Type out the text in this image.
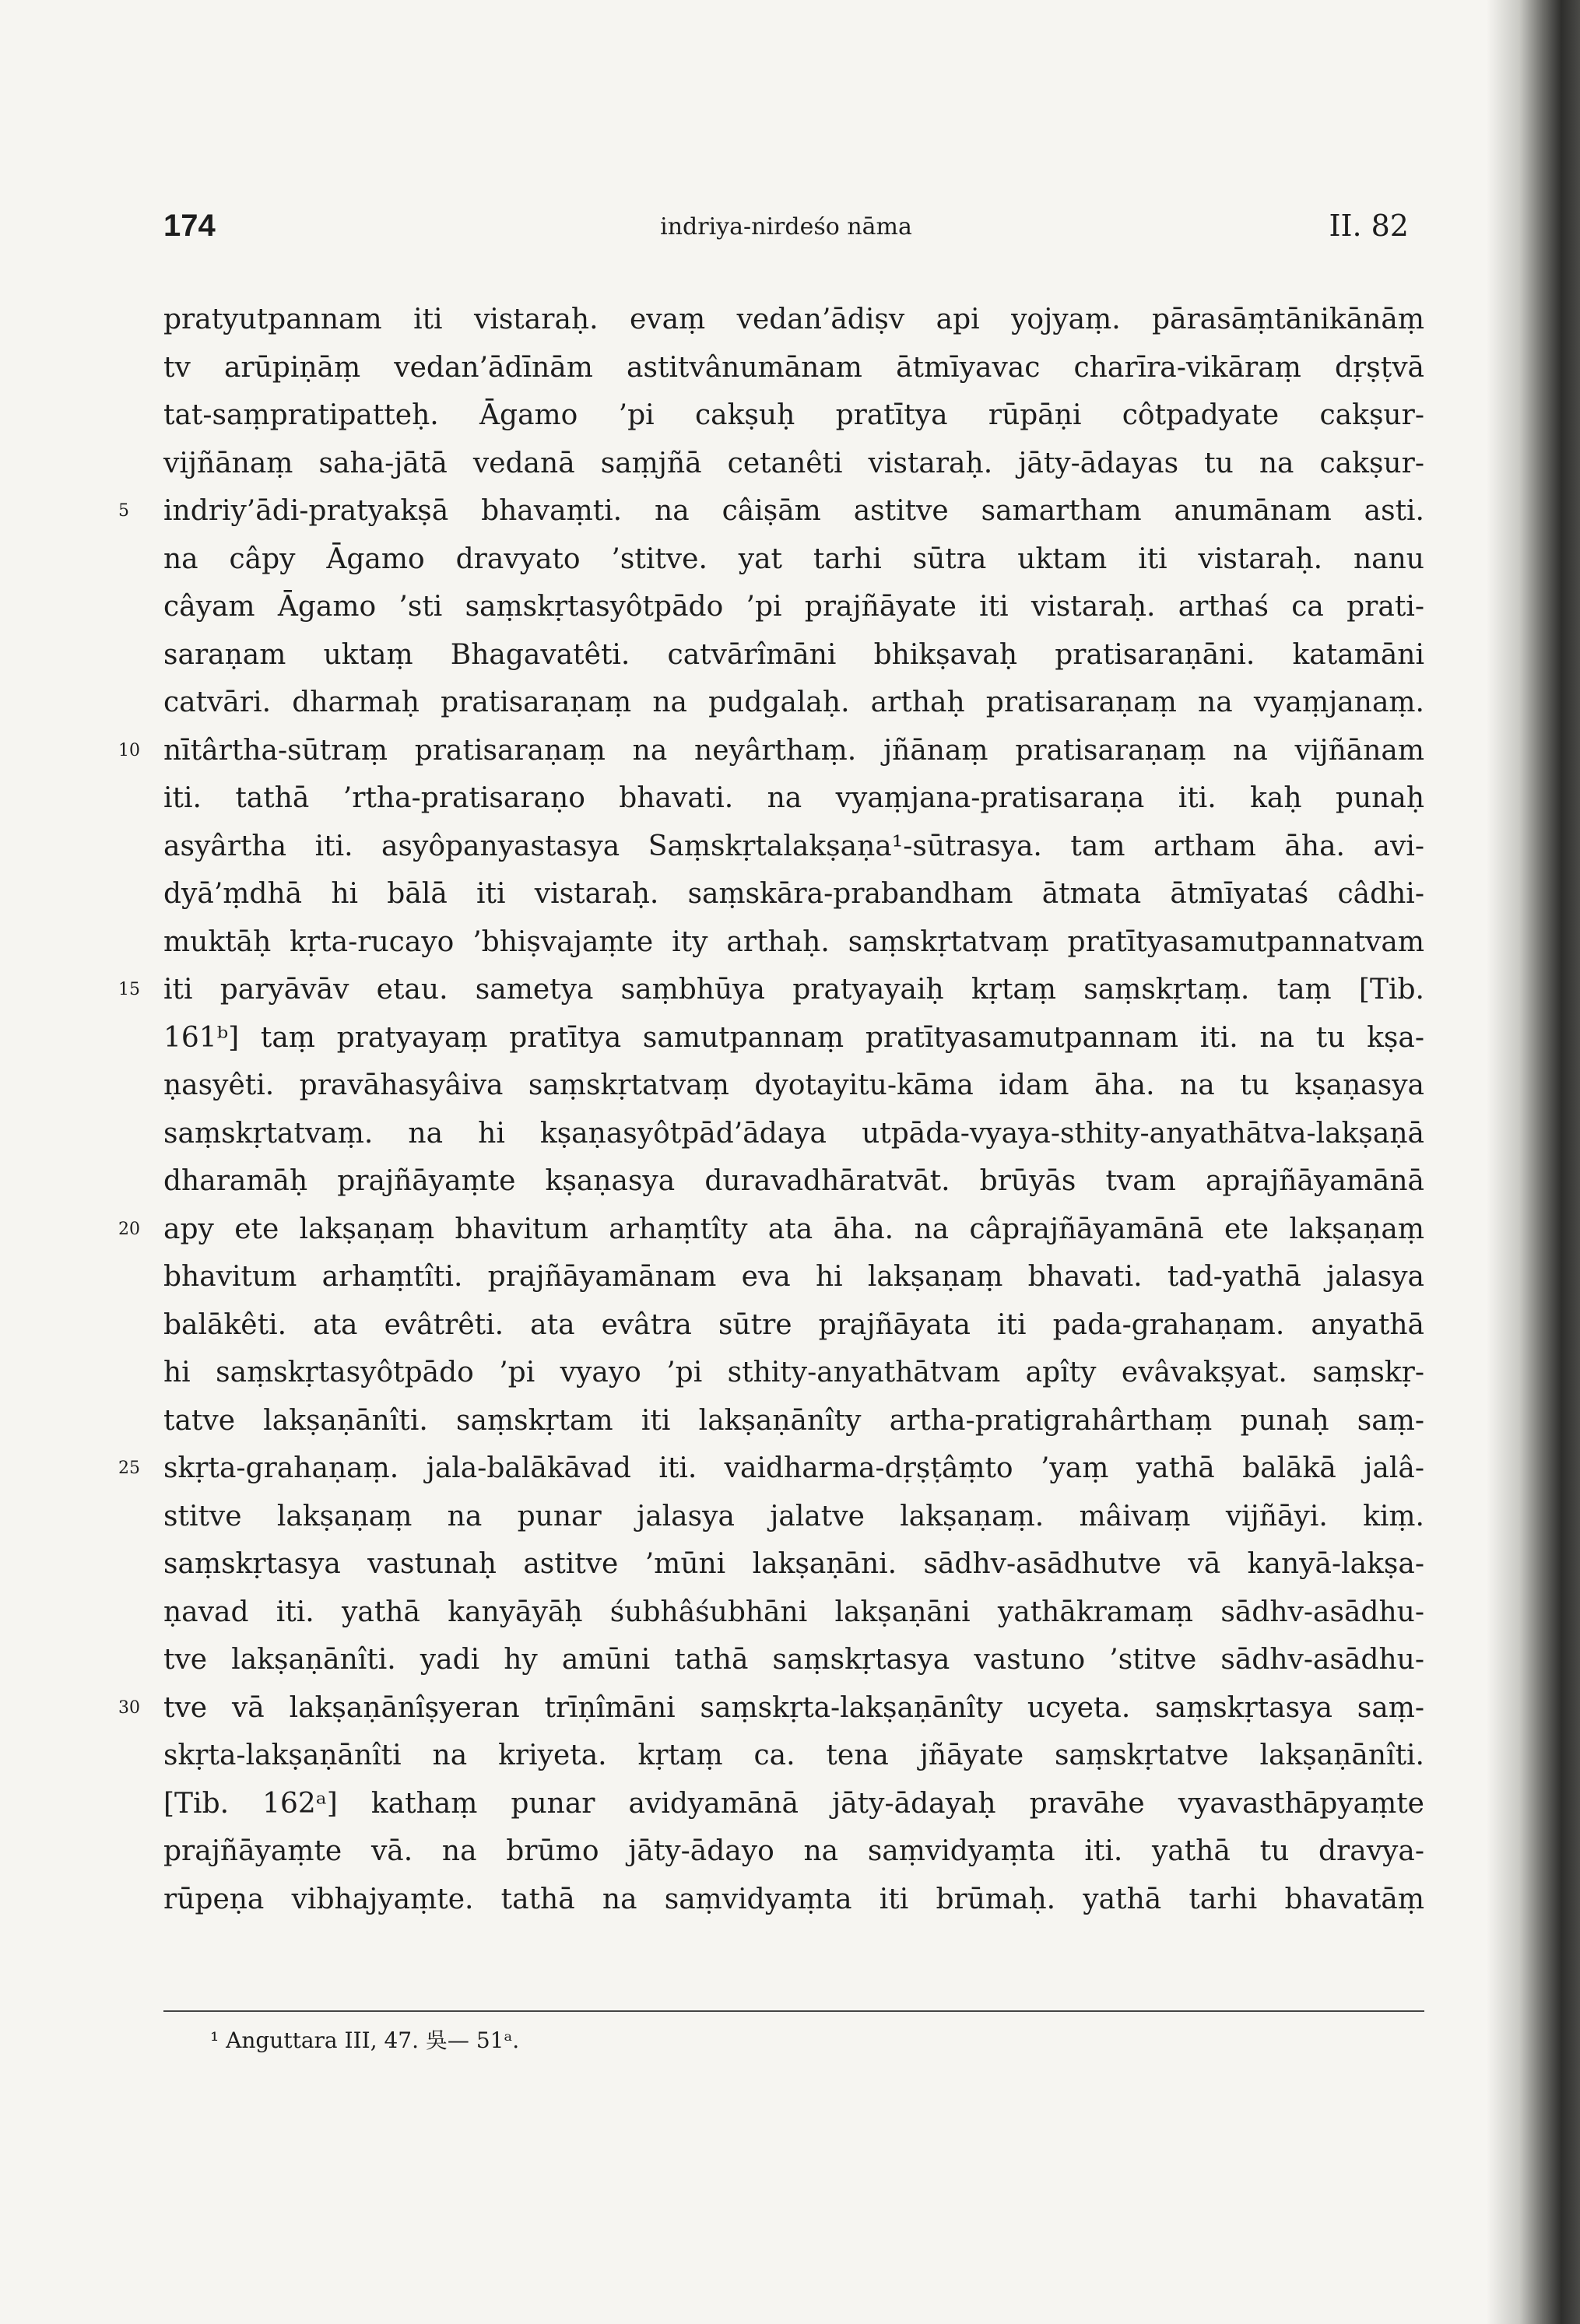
174	indriya-nirdeśo nāma	II. 82
pratyutpannam iti vistaraḥ. evaṃ vedan’ādiṣv api yojyaṃ. pārasāṃtānikānāṃ
tv arūpiṇāṃ vedan’ādīnām astitvânumānam ātmīyavac charīra-vikāraṃ dṛṣṭvā
tat-saṃpratipatteḥ. Āgamo ’pi cakṣuḥ pratītya rūpāṇi côtpadyate cakṣur-
vijñānaṃ saha-jātā vedanā saṃjñā cetanêti vistaraḥ. jāty-ādayas tu na cakṣur-
5	indriy’ādi-pratyakṣā bhavaṃti. na câiṣām astitve samartham anumānam asti.
na câpy Āgamo dravyato ’stitve. yat tarhi sūtra uktam iti vistaraḥ. nanu
câyam Āgamo ’sti saṃskṛtasyôtpādo ’pi prajñāyate iti vistaraḥ. arthaś ca prati-
saraṇam uktaṃ Bhagavatêti. catvārîmāni bhikṣavaḥ pratisaraṇāni. katamāni
catvāri. dharmaḥ pratisaraṇaṃ na pudgalaḥ. arthaḥ pratisaraṇaṃ na vyaṃjanaṃ.
10 nītârtha-sūtraṃ pratisaraṇaṃ na neyârthaṃ. jñānaṃ pratisaraṇaṃ na vijñānam
iti. tathā ’rtha-pratisaraṇo bhavati. na vyaṃjana-pratisaraṇa iti. kaḥ punaḥ
asyârtha iti. asyôpanyastasya Saṃskṛtalakṣaṇa¹-sūtrasya. tam artham āha. avi-
dyā’ṃdhā hi bālā iti vistaraḥ. saṃskāra-prabandham ātmata ātmīyataś câdhi-
muktāḥ kṛta-rucayo ’bhiṣvajaṃte ity arthaḥ. saṃskṛtatvaṃ pratītyasamutpannatvam
15 iti paryāvāv etau. sametya saṃbhūya pratyayaiḥ kṛtaṃ saṃskṛtaṃ. taṃ [Tib.
161ᵇ] taṃ pratyayaṃ pratītya samutpannaṃ pratītyasamutpannam iti. na tu kṣa-
ṇasyêti. pravāhasyâiva saṃskṛtatvaṃ dyotayitu-kāma idam āha. na tu kṣaṇasya
saṃskṛtatvaṃ. na hi kṣaṇasyôtpād’ādaya utpāda-vyaya-sthity-anyathātva-lakṣaṇā
dharamāḥ prajñāyaṃte kṣaṇasya duravadhāratvāt. brūyās tvam aprajñāyamānā
20 apy ete lakṣaṇaṃ bhavitum arhaṃtîty ata āha. na câprajñāyamānā ete lakṣaṇaṃ
bhavitum arhaṃtîti. prajñāyamānam eva hi lakṣaṇaṃ bhavati. tad-yathā jalasya
balākêti. ata evâtrêti. ata evâtra sūtre prajñāyata iti pada-grahaṇam. anyathā
hi saṃskṛtasyôtpādo ’pi vyayo ’pi sthity-anyathātvam apîty evâvakṣyat. saṃskṛ-
tatve lakṣaṇānîti. saṃskṛtam iti lakṣaṇānîty artha-pratigrahârthaṃ punaḥ saṃ-
25 skṛta-grahaṇaṃ. jala-balākāvad iti. vaidharma-dṛṣṭâṃto ’yaṃ yathā balākā jalâ-
stitve lakṣaṇaṃ na punar jalasya jalatve lakṣaṇaṃ. mâivaṃ vijñāyi. kiṃ.
saṃskṛtasya vastunaḥ astitve ’mūni lakṣaṇāni. sādhv-asādhutve vā kanyā-lakṣa-
ṇavad iti. yathā kanyāyāḥ śubhâśubhāni lakṣaṇāni yathākramaṃ sādhv-asādhu-
tve lakṣaṇānîti. yadi hy amūni tathā saṃskṛtasya vastuno ’stitve sādhv-asādhu-
30 tve vā lakṣaṇānîṣyeran trīṇîmāni saṃskṛta-lakṣaṇānîty ucyeta. saṃskṛtasya saṃ-
skṛta-lakṣaṇānîti na kriyeta. kṛtaṃ ca. tena jñāyate saṃskṛtatve lakṣaṇānîti.
[Tib. 162ᵃ] kathaṃ punar avidyamānā jāty-ādayaḥ pravāhe vyavasthāpyaṃte
prajñāyaṃte vā. na brūmo jāty-ādayo na saṃvidyaṃta iti. yathā tu dravya-
rūpeṇa vibhajyaṃte. tathā na saṃvidyaṃta iti brūmaḥ. yathā tarhi bhavatāṃ
¹ Anguttara III, 47. 吳— 51ᵃ.
